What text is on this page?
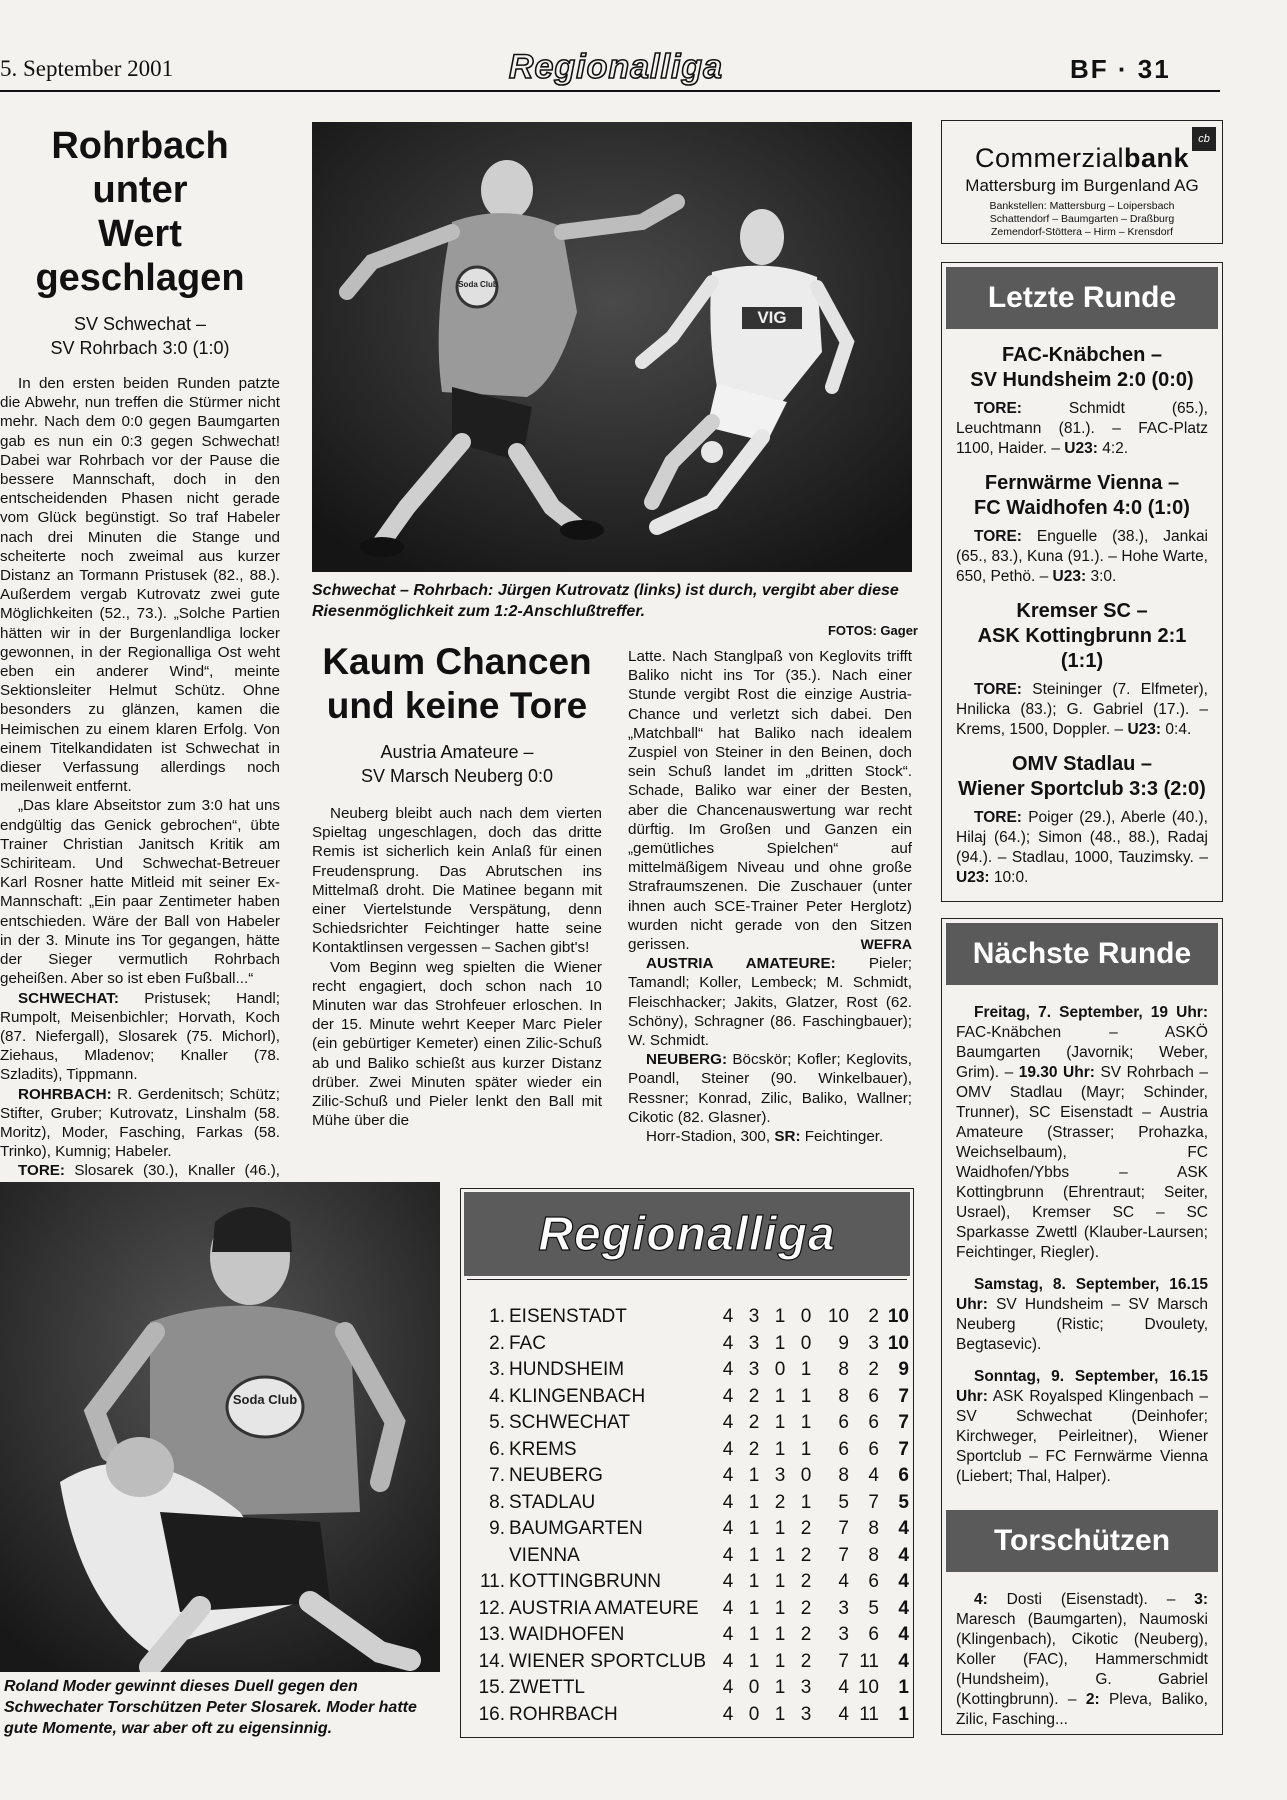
5. September 2001	Regionalliga	BF · 31
Rohrbach unter
Wert geschlagen
SV Schwechat –
SV Rohrbach 3:0 (1:0)

In den ersten beiden Runden patzte die Abwehr, nun treffen die Stürmer nicht mehr. Nach dem 0:0 gegen Baumgarten gab es nun ein 0:3 gegen Schwechat! Dabei war Rohrbach vor der Pause die bessere Mannschaft, doch in den entscheidenden Phasen nicht gerade vom Glück begünstigt. So traf Habeler nach drei Minuten die Stange und scheiterte noch zweimal aus kurzer Distanz an Tormann Pristusek (82., 88.). Außerdem vergab Kutrovatz zwei gute Möglichkeiten (52., 73.). „Solche Partien hätten wir in der Burgenlandliga locker gewonnen, in der Regionalliga Ost weht eben ein anderer Wind“, meinte Sektionsleiter Helmut Schütz. Ohne besonders zu glänzen, kamen die Heimischen zu einem klaren Erfolg. Von einem Titelkandidaten ist Schwechat in dieser Verfassung allerdings noch meilenweit entfernt.

„Das klare Abseitstor zum 3:0 hat uns endgültig das Genick gebrochen“, übte Trainer Christian Janitsch Kritik am Schiriteam. Und Schwechat-Betreuer Karl Rosner hatte Mitleid mit seiner Ex-Mannschaft: „Ein paar Zentimeter haben entschieden. Wäre der Ball von Habeler in der 3. Minute ins Tor gegangen, hätte der Sieger vermutlich Rohrbach geheißen. Aber so ist eben Fußball...“

SCHWECHAT: Pristusek; Handl; Rumpolt, Meisenbichler; Horvath, Koch (87. Niefergall), Slosarek (75. Michorl), Ziehaus, Mladenov; Knaller (78. Szladits), Tippmann.

ROHRBACH: R. Gerdenitsch; Schütz; Stifter, Gruber; Kutrovatz, Linshalm (58. Moritz), Moder, Fasching, Farkas (58. Trinko), Kumnig; Habeler.

TORE: Slosarek (30.), Knaller (46.),

Soda Club
VIG
Schwechat – Rohrbach: Jürgen Kutrovatz (links) ist durch, vergibt aber diese Riesenmöglichkeit zum 1:2-Anschlußtreffer.
FOTOS: Gager
Kaum Chancen
und keine Tore
Austria Amateure –
SV Marsch Neuberg 0:0

Neuberg bleibt auch nach dem vierten Spieltag ungeschlagen, doch das dritte Remis ist sicherlich kein Anlaß für einen Freudensprung. Das Abrutschen ins Mittelmaß droht. Die Matinee begann mit einer Viertelstunde Verspätung, denn Schiedsrichter Feichtinger hatte seine Kontaktlinsen vergessen – Sachen gibt's!

Vom Beginn weg spielten die Wiener recht engagiert, doch schon nach 10 Minuten war das Strohfeuer erloschen. In der 15. Minute wehrt Keeper Marc Pieler (ein gebürtiger Kemeter) einen Zilic-Schuß ab und Baliko schießt aus kurzer Distanz drüber. Zwei Minuten später wieder ein Zilic-Schuß und Pieler lenkt den Ball mit Mühe über die

Latte. Nach Stanglpaß von Keglovits trifft Baliko nicht ins Tor (35.). Nach einer Stunde vergibt Rost die einzige Austria-Chance und verletzt sich dabei. Den „Matchball“ hat Baliko nach idealem Zuspiel von Steiner in den Beinen, doch sein Schuß landet im „dritten Stock“. Schade, Baliko war einer der Besten, aber die Chancenauswertung war recht dürftig. Im Großen und Ganzen ein „gemütliches Spielchen“ auf mittelmäßigem Niveau und ohne große Strafraumszenen. Die Zuschauer (unter ihnen auch SCE-Trainer Peter Herglotz) wurden nicht gerade von den Sitzen gerissen.	WEFRA

AUSTRIA AMATEURE: Pieler; Tamandl; Koller, Lembeck; M. Schmidt, Fleischhacker; Jakits, Glatzer, Rost (62. Schöny), Schragner (86. Faschingbauer); W. Schmidt.

NEUBERG: Böcskör; Kofler; Keglovits, Poandl, Steiner (90. Winkelbauer), Ressner; Konrad, Zilic, Baliko, Wallner; Cikotic (82. Glasner).

Horr-Stadion, 300, SR: Feichtinger.

Soda Club
Roland Moder gewinnt dieses Duell gegen den Schwechater Torschützen Peter Slosarek. Moder hatte gute Momente, war aber oft zu eigensinnig.
Regionalliga
1.	EISENSTADT	4	3	1	0	10	2	10
2.	FAC	4	3	1	0	9	3	10
3.	HUNDSHEIM	4	3	0	1	8	2	9
4.	KLINGENBACH	4	2	1	1	8	6	7
5.	SCHWECHAT	4	2	1	1	6	6	7
6.	KREMS	4	2	1	1	6	6	7
7.	NEUBERG	4	1	3	0	8	4	6
8.	STADLAU	4	1	2	1	5	7	5
9.	BAUMGARTEN	4	1	1	2	7	8	4
	VIENNA	4	1	1	2	7	8	4
11.	KOTTINGBRUNN	4	1	1	2	4	6	4
12.	AUSTRIA AMATEURE	4	1	1	2	3	5	4
13.	WAIDHOFEN	4	1	1	2	3	6	4
14.	WIENER SPORTCLUB	4	1	1	2	7	11	4
15.	ZWETTL	4	0	1	3	4	10	1
16.	ROHRBACH	4	0	1	3	4	11	1
cb
Commerzialbank
Mattersburg im Burgenland AG
Bankstellen: Mattersburg – Loipersbach
Schattendorf – Baumgarten – Draßburg
Zemendorf-Stöttera – Hirm – Krensdorf
Letzte Runde
FAC-Knäbchen –
SV Hundsheim 2:0 (0:0)

TORE:	Schmidt (65.), Leuchtmann (81.). – FAC-Platz 1100, Haider. – U23: 4:2.

Fernwärme Vienna –
FC Waidhofen 4:0 (1:0)

TORE: Enguelle (38.), Jankai (65., 83.), Kuna (91.). – Hohe Warte, 650, Pethö. – U23: 3:0.

Kremser SC –
ASK Kottingbrunn 2:1 (1:1)

TORE: Steininger (7. Elfmeter), Hnilicka (83.); G. Gabriel (17.). – Krems, 1500, Doppler. – U23: 0:4.

OMV Stadlau –
Wiener Sportclub 3:3 (2:0)

TORE: Poiger (29.), Aberle (40.), Hilaj (64.); Simon (48., 88.), Radaj (94.). – Stadlau, 1000, Tauzimsky. – U23: 10:0.

Nächste Runde

Freitag, 7. September, 19 Uhr: FAC-Knäbchen – ASKÖ Baumgarten (Javornik; Weber, Grim). – 19.30 Uhr: SV Rohrbach – OMV Stadlau (Mayr; Schinder, Trunner), SC Eisenstadt – Austria Amateure (Strasser; Prohazka, Weichselbaum), FC Waidhofen/Ybbs – ASK Kottingbrunn (Ehrentraut; Seiter, Usrael), Kremser SC – SC Sparkasse Zwettl (Klauber-Laursen; Feichtinger, Riegler).

Samstag, 8. September, 16.15 Uhr: SV Hundsheim – SV Marsch Neuberg (Ristic; Dvoulety, Begtasevic).

Sonntag, 9. September, 16.15 Uhr: ASK Royalsped Klingenbach – SV Schwechat (Deinhofer; Kirchweger, Peirleitner), Wiener Sportclub – FC Fernwärme Vienna (Liebert; Thal, Halper).

Torschützen

4: Dosti (Eisenstadt). – 3: Maresch (Baumgarten), Naumoski (Klingenbach), Cikotic (Neuberg), Koller (FAC), Hammerschmidt (Hundsheim), G. Gabriel (Kottingbrunn). – 2: Pleva, Baliko, Zilic, Fasching...
